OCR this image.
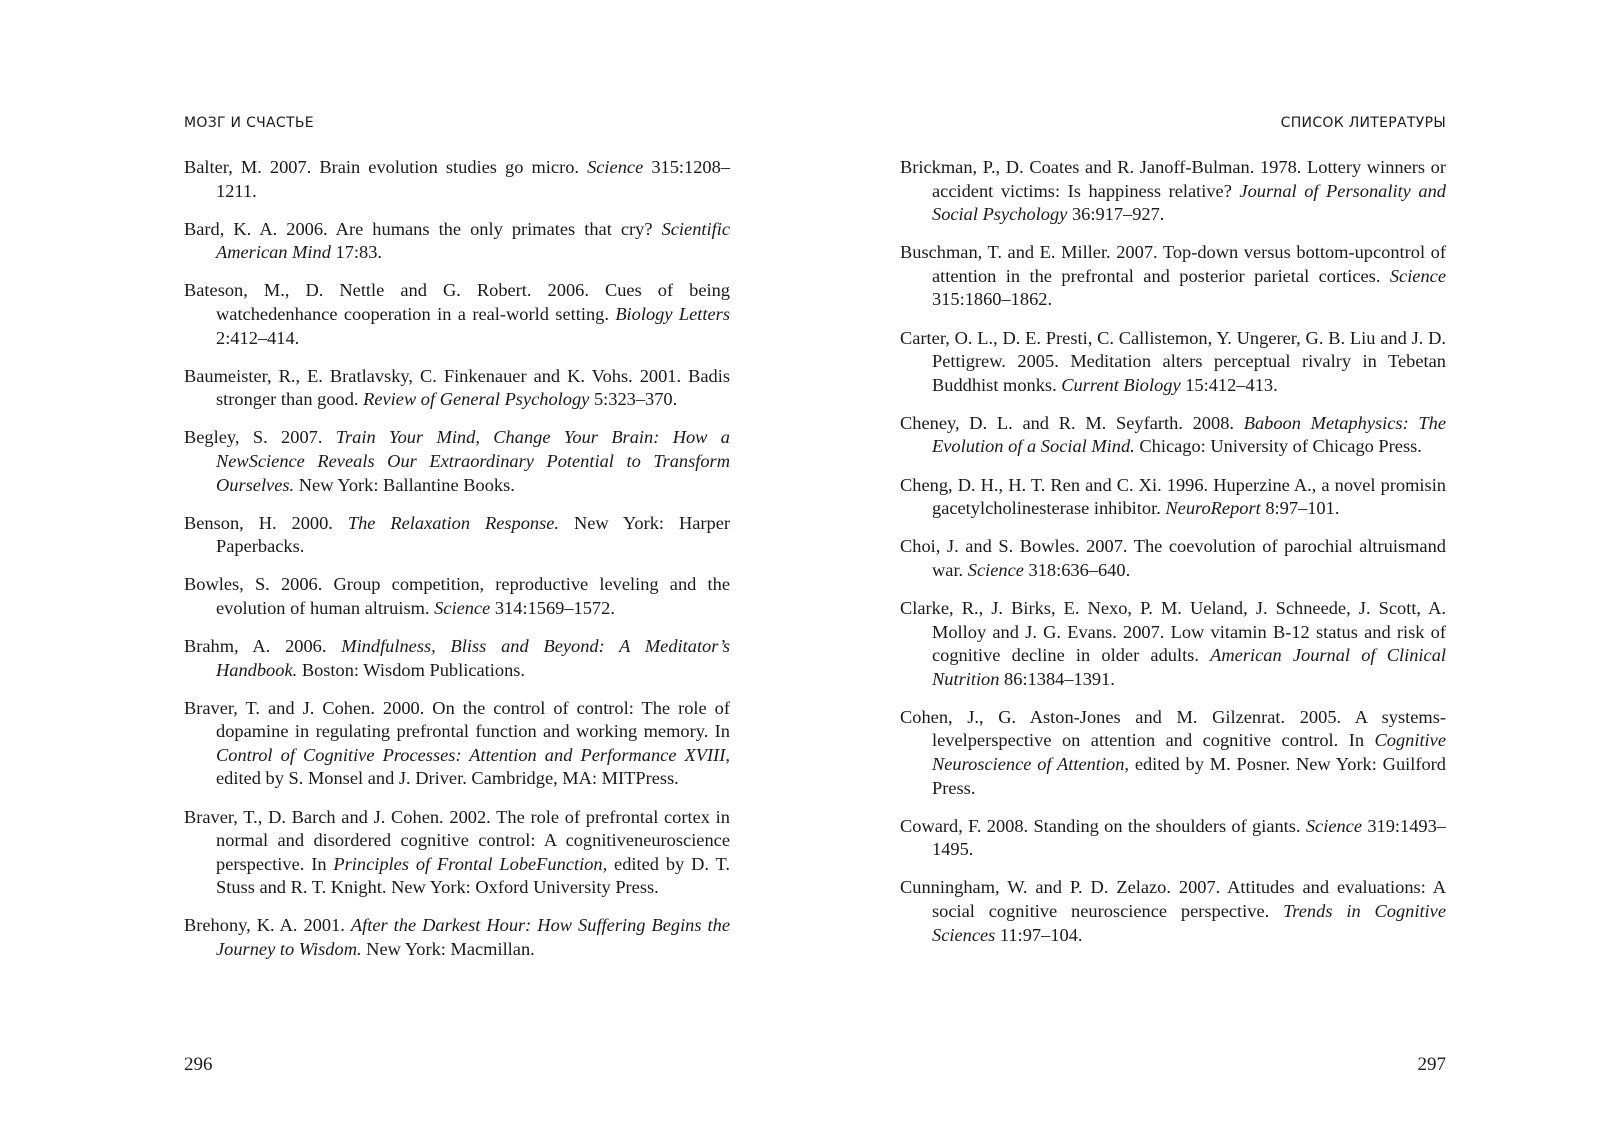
МОЗГ И СЧАСТЬЕ
Balter, M. 2007. Brain evolution studies go micro. Science 315:1208–1211.
Bard, K. A. 2006. Are humans the only primates that cry? Scientific American Mind 17:83.
Bateson, M., D. Nettle and G. Robert. 2006. Cues of being watchedenhance cooperation in a real-world setting. Biology Letters 2:412–414.
Baumeister, R., E. Bratlavsky, C. Finkenauer and K. Vohs. 2001. Badis stronger than good. Review of General Psychology 5:323–370.
Begley, S. 2007. Train Your Mind, Change Your Brain: How a NewScience Reveals Our Extraordinary Potential to Transform Ourselves. New York: Ballantine Books.
Benson, H. 2000. The Relaxation Response. New York: Harper Paperbacks.
Bowles, S. 2006. Group competition, reproductive leveling and the evolution of human altruism. Science 314:1569–1572.
Brahm, A. 2006. Mindfulness, Bliss and Beyond: A Meditator’s Handbook. Boston: Wisdom Publications.
Braver, T. and J. Cohen. 2000. On the control of control: The role of dopamine in regulating prefrontal function and working memory. In Control of Cognitive Processes: Attention and Performance XVIII, edited by S. Monsel and J. Driver. Cambridge, MA: MITPress.
Braver, T., D. Barch and J. Cohen. 2002. The role of prefrontal cortex in normal and disordered cognitive control: A cognitiveneuroscience perspective. In Principles of Frontal LobeFunction, edited by D. T. Stuss and R. T. Knight. New York: Oxford University Press.
Brehony, K. A. 2001. After the Darkest Hour: How Suffering Begins the Journey to Wisdom. New York: Macmillan.
296
СПИСОК ЛИТЕРАТУРЫ
Brickman, P., D. Coates and R. Janoff-Bulman. 1978. Lottery winners or accident victims: Is happiness relative? Journal of Personality and Social Psychology 36:917–927.
Buschman, T. and E. Miller. 2007. Top-down versus bottom-upcontrol of attention in the prefrontal and posterior parietal cortices. Science 315:1860–1862.
Carter, O. L., D. E. Presti, C. Callistemon, Y. Ungerer, G. B. Liu and J. D. Pettigrew. 2005. Meditation alters perceptual rivalry in Tebetan Buddhist monks. Current Biology 15:412–413.
Cheney, D. L. and R. M. Seyfarth. 2008. Baboon Metaphysics: The Evolution of a Social Mind. Chicago: University of Chicago Press.
Cheng, D. H., H. T. Ren and C. Xi. 1996. Huperzine A., a novel promisin gacetylcholinesterase inhibitor. NeuroReport 8:97–101.
Choi, J. and S. Bowles. 2007. The coevolution of parochial altruismand war. Science 318:636–640.
Clarke, R., J. Birks, E. Nexo, P. M. Ueland, J. Schneede, J. Scott, A. Molloy and J. G. Evans. 2007. Low vitamin B-12 status and risk of cognitive decline in older adults. American Journal of Clinical Nutrition 86:1384–1391.
Cohen, J., G. Aston-Jones and M. Gilzenrat. 2005. A systems-levelperspective on attention and cognitive control. In Cognitive Neuroscience of Attention, edited by M. Posner. New York: Guilford Press.
Coward, F. 2008. Standing on the shoulders of giants. Science 319:1493–1495.
Cunningham, W. and P. D. Zelazo. 2007. Attitudes and evaluations: A social cognitive neuroscience perspective. Trends in Cognitive Sciences 11:97–104.
297
